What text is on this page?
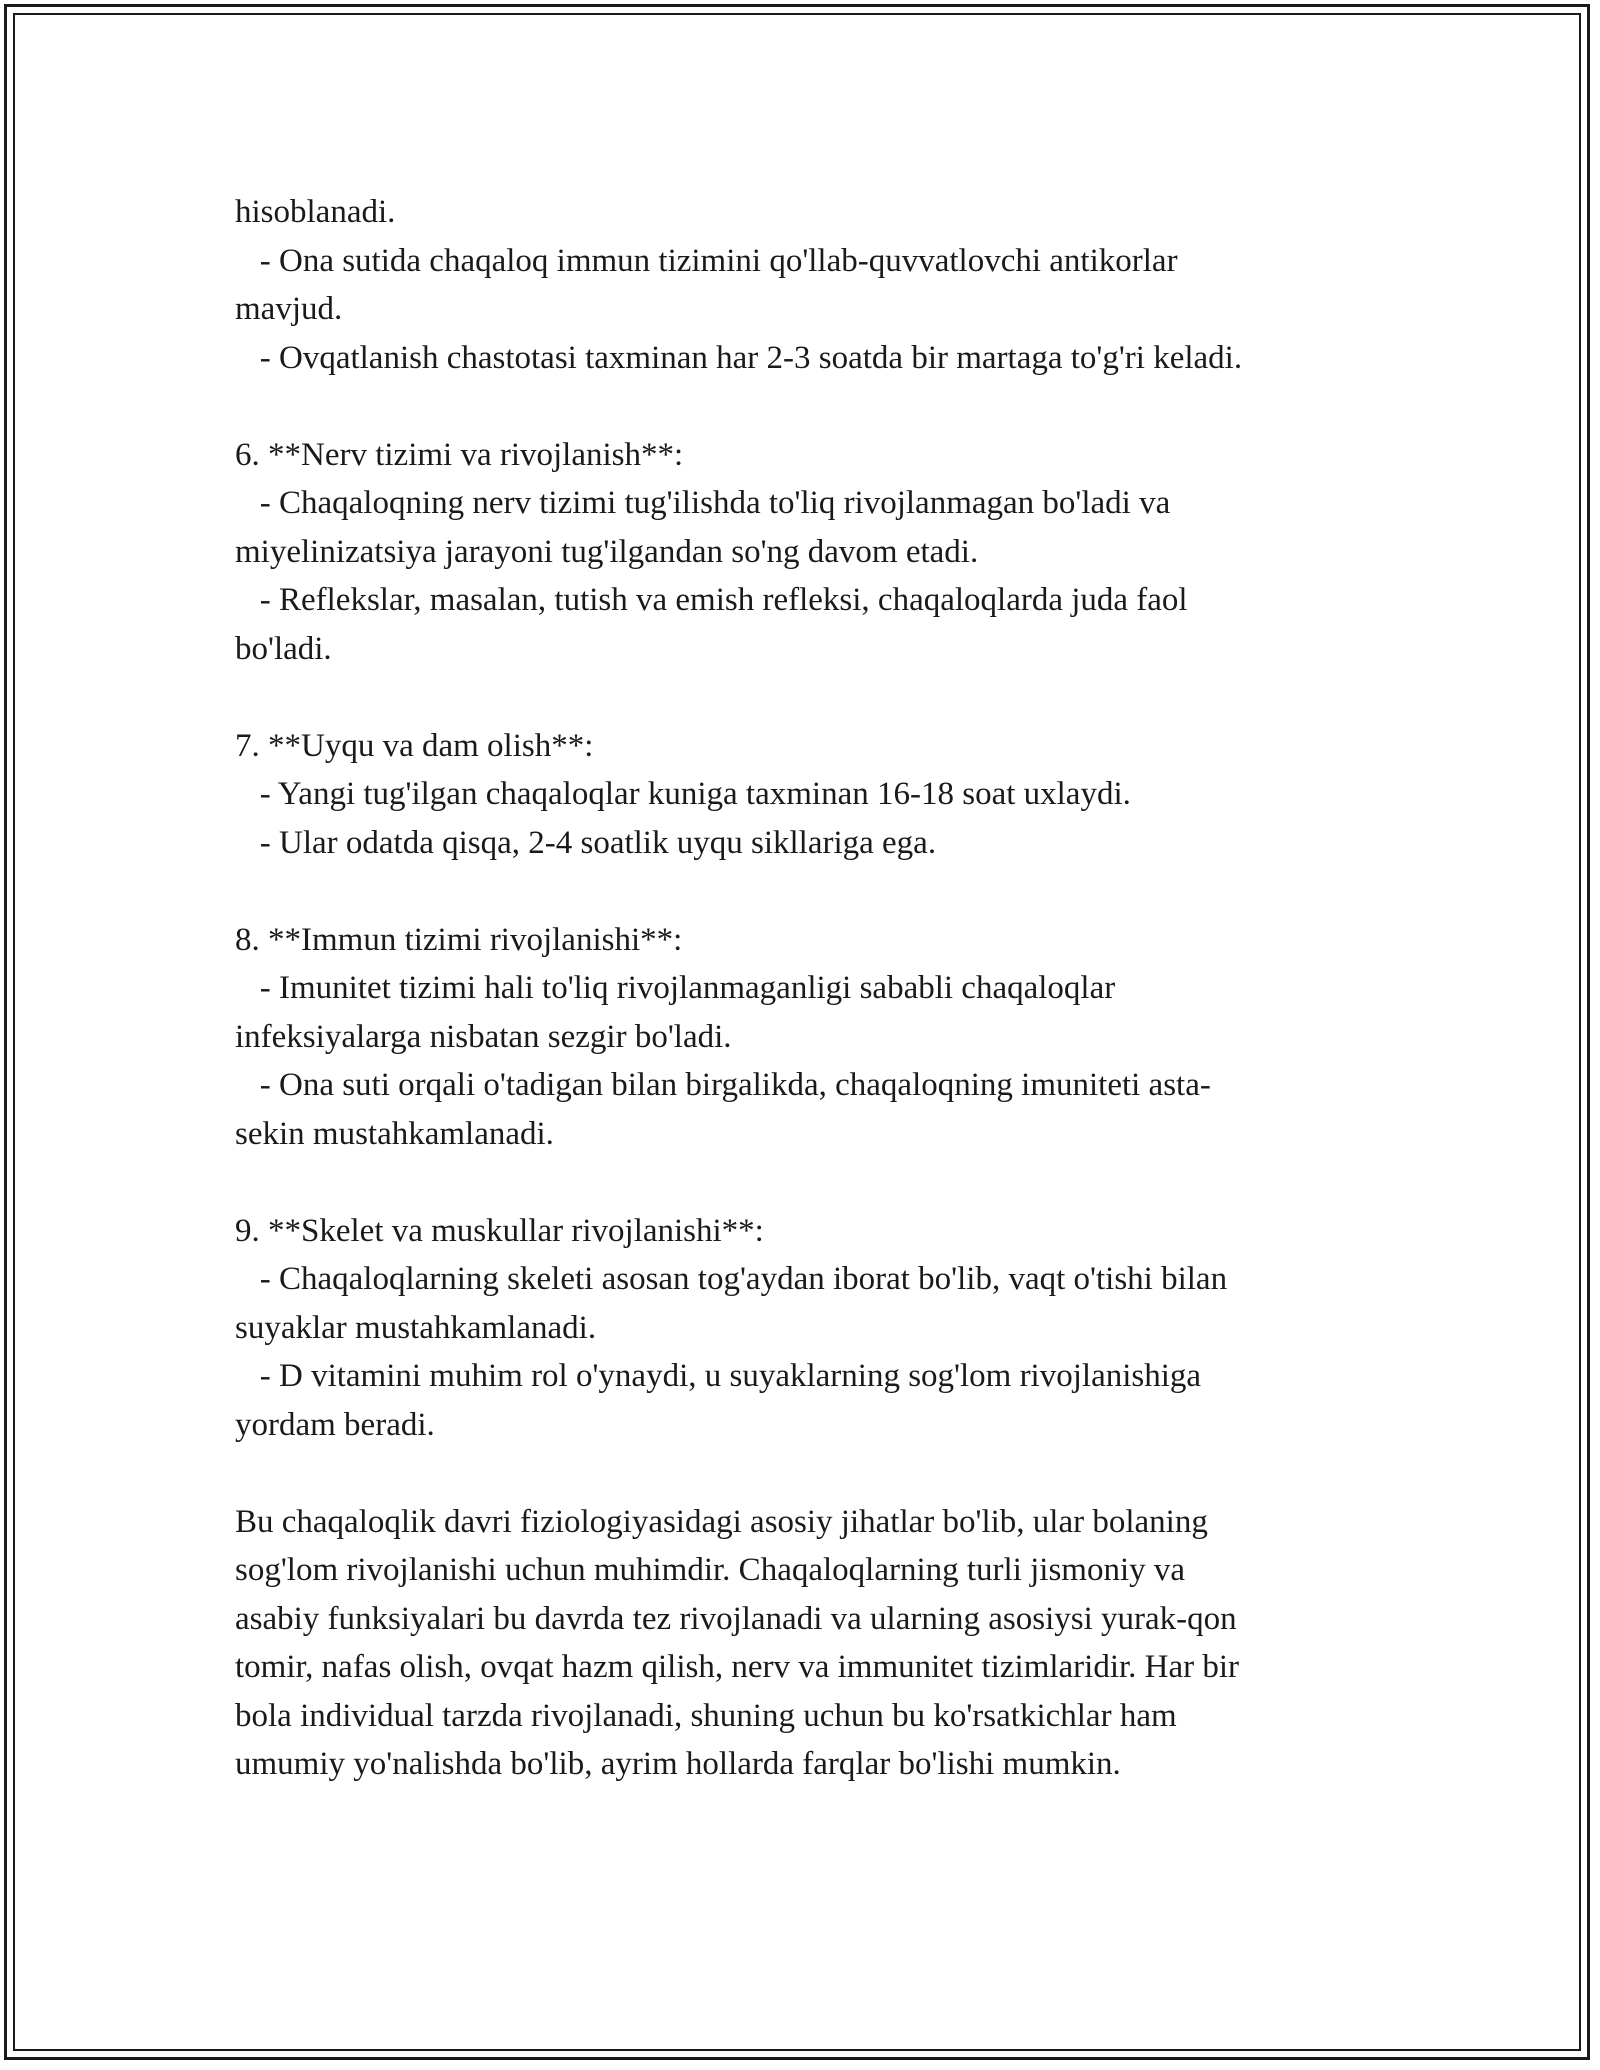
hisoblanadi.
- Ona sutida chaqaloq immun tizimini qo'llab-quvvatlovchi antikorlar
mavjud.
- Ovqatlanish chastotasi taxminan har 2-3 soatda bir martaga to'g'ri keladi.
6. **Nerv tizimi va rivojlanish**:
- Chaqaloqning nerv tizimi tug'ilishda to'liq rivojlanmagan bo'ladi va
miyelinizatsiya jarayoni tug'ilgandan so'ng davom etadi.
- Reflekslar, masalan, tutish va emish refleksi, chaqaloqlarda juda faol
bo'ladi.
7. **Uyqu va dam olish**:
- Yangi tug'ilgan chaqaloqlar kuniga taxminan 16-18 soat uxlaydi.
- Ular odatda qisqa, 2-4 soatlik uyqu sikllariga ega.
8. **Immun tizimi rivojlanishi**:
- Imunitet tizimi hali to'liq rivojlanmaganligi sababli chaqaloqlar
infeksiyalarga nisbatan sezgir bo'ladi.
- Ona suti orqali o'tadigan bilan birgalikda, chaqaloqning imuniteti asta-
sekin mustahkamlanadi.
9. **Skelet va muskullar rivojlanishi**:
- Chaqaloqlarning skeleti asosan tog'aydan iborat bo'lib, vaqt o'tishi bilan
suyaklar mustahkamlanadi.
- D vitamini muhim rol o'ynaydi, u suyaklarning sog'lom rivojlanishiga
yordam beradi.
Bu chaqaloqlik davri fiziologiyasidagi asosiy jihatlar bo'lib, ular bolaning
sog'lom rivojlanishi uchun muhimdir. Chaqaloqlarning turli jismoniy va
asabiy funksiyalari bu davrda tez rivojlanadi va ularning asosiysi yurak-qon
tomir, nafas olish, ovqat hazm qilish, nerv va immunitet tizimlaridir. Har bir
bola individual tarzda rivojlanadi, shuning uchun bu ko'rsatkichlar ham
umumiy yo'nalishda bo'lib, ayrim hollarda farqlar bo'lishi mumkin.
